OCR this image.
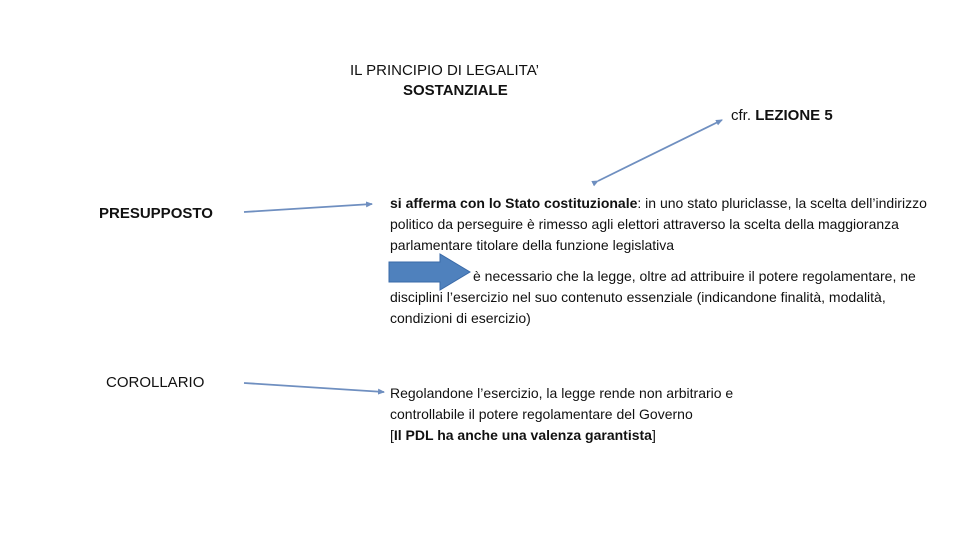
IL PRINCIPIO DI LEGALITA’
SOSTANZIALE
cfr. LEZIONE 5
PRESUPPOSTO
COROLLARIO
si afferma con lo Stato costituzionale: in uno stato pluriclasse, la scelta dell’indirizzo politico da perseguire è rimesso agli elettori attraverso la scelta della maggioranza parlamentare titolare della funzione legislativa
è necessario che la legge, oltre ad attribuire il potere regolamentare, ne disciplini l’esercizio nel suo contenuto essenziale (indicandone finalità, modalità, condizioni di esercizio)
Regolandone l’esercizio, la legge rende non arbitrario e controllabile il potere regolamentare del Governo
[Il PDL ha anche una valenza garantista]
